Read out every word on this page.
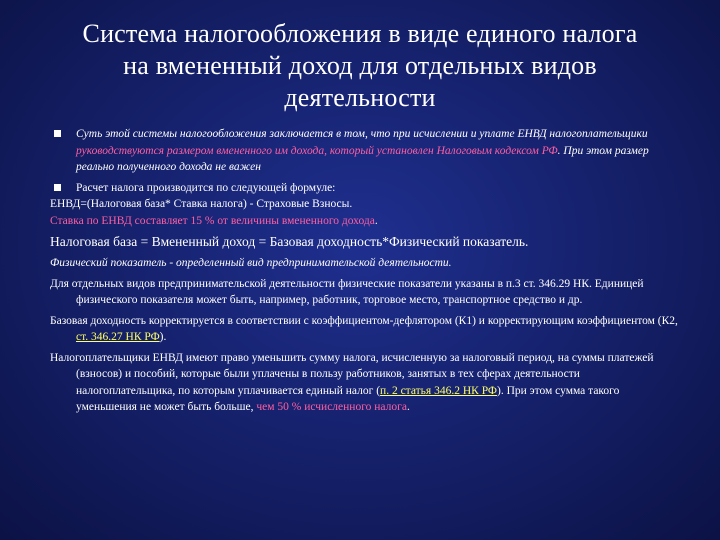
Система налогообложения в виде единого налога
на вмененный доход для отдельных видов
деятельности
Суть этой системы налогообложения заключается в том, что при исчислении и уплате ЕНВД налогоплательщики руководствуются размером вмененного им дохода, который установлен Налоговым кодексом РФ. При этом размер реально полученного дохода не важен
Расчет налога производится по следующей формуле:

ЕНВД=(Налоговая база* Ставка налога) - Страховые Взносы.

Ставка по ЕНВД составляет 15 % от величины вмененного дохода.

Налоговая база = Вмененный доход = Базовая доходность*Физический показатель.

Физический показатель - определенный вид предпринимательской деятельности.

Для отдельных видов предпринимательской деятельности физические показатели указаны в п.3 ст. 346.29 НК. Единицей физического показателя может быть, например, работник, торговое место, транспортное средство и др.

Базовая доходность корректируется в соответствии с коэффициентом-дефлятором (К1) и корректирующим коэффициентом (К2, ст. 346.27 НК РФ).

Налогоплательщики ЕНВД имеют право уменьшить сумму налога, исчисленную за налоговый период, на суммы платежей (взносов) и пособий, которые были уплачены в пользу работников, занятых в тех сферах деятельности налогоплательщика, по которым уплачивается единый налог (п. 2 статья 346.2 НК РФ). При этом сумма такого уменьшения не может быть больше, чем 50 % исчисленного налога.
